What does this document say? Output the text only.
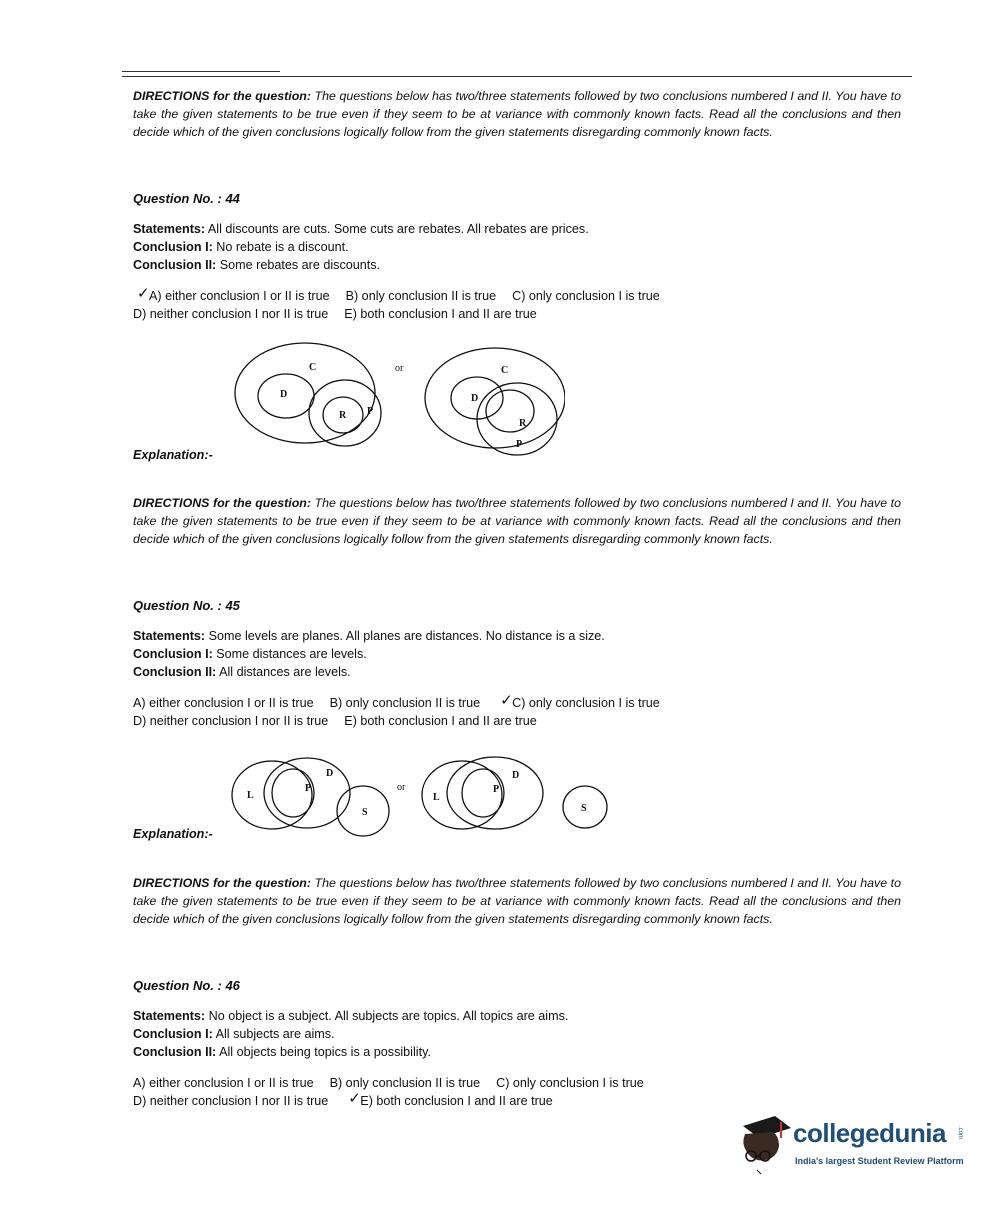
DIRECTIONS for the question: The questions below has two/three statements followed by two conclusions numbered I and II. You have to take the given statements to be true even if they seem to be at variance with commonly known facts. Read all the conclusions and then decide which of the given conclusions logically follow from the given statements disregarding commonly known facts.
Question No. : 44
Statements: All discounts are cuts. Some cuts are rebates. All rebates are prices.
Conclusion I: No rebate is a discount.
Conclusion II: Some rebates are discounts.
✓ A) either conclusion I or II is true B) only conclusion II is true C) only conclusion I is true
D) neither conclusion I nor II is true E) both conclusion I and II are true
C
D
R P
C
D
R
P
or
Explanation:-
DIRECTIONS for the question: The questions below has two/three statements followed by two conclusions numbered I and II. You have to take the given statements to be true even if they seem to be at variance with commonly known facts. Read all the conclusions and then decide which of the given conclusions logically follow from the given statements disregarding commonly known facts.
Question No. : 45
Statements: Some levels are planes. All planes are distances. No distance is a size.
Conclusion I: Some distances are levels.
Conclusion II: All distances are levels.
A) either conclusion I or II is true B) only conclusion II is true ✓ C) only conclusion I is true
D) neither conclusion I nor II is true E) both conclusion I and II are true
L
P
D
S
L
P
D
S
or
Explanation:-
DIRECTIONS for the question: The questions below has two/three statements followed by two conclusions numbered I and II. You have to take the given statements to be true even if they seem to be at variance with commonly known facts. Read all the conclusions and then decide which of the given conclusions logically follow from the given statements disregarding commonly known facts.
Question No. : 46
Statements: No object is a subject. All subjects are topics. All topics are aims.
Conclusion I: All subjects are aims.
Conclusion II: All objects being topics is a possibility.
A) either conclusion I or II is true B) only conclusion II is true C) only conclusion I is true
D) neither conclusion I nor II is true ✓ E) both conclusion I and II are true
collegedunia .com
India's largest Student Review Platform
